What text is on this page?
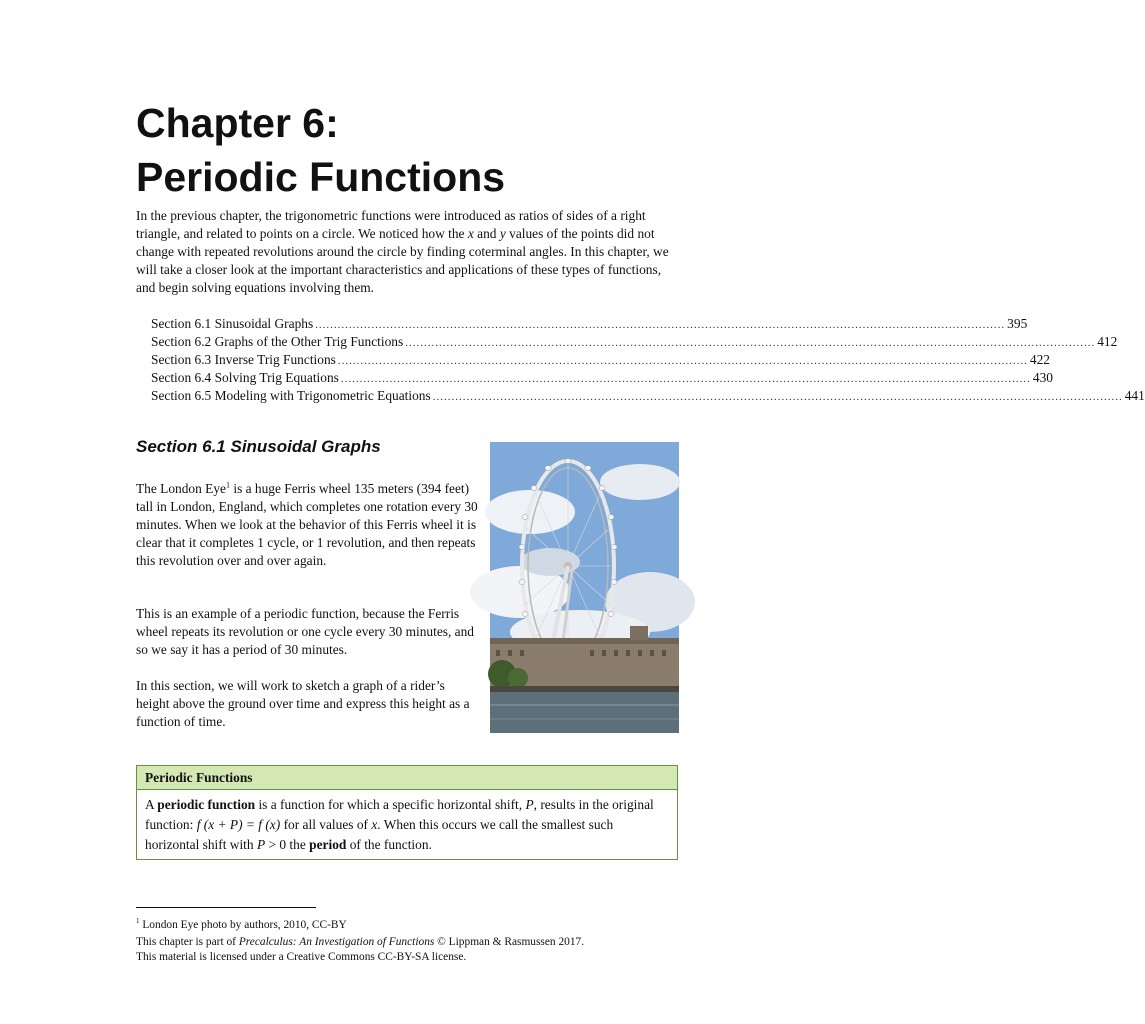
Chapter 6:
Periodic Functions

In the previous chapter, the trigonometric functions were introduced as ratios of sides of a right triangle, and related to points on a circle. We noticed how the x and y values of the points did not change with repeated revolutions around the circle by finding coterminal angles. In this chapter, we will take a closer look at the important characteristics and applications of these types of functions, and begin solving equations involving them.

Section 6.1 Sinusoidal Graphs ........................................................................................................................................................................................ 395
Section 6.2 Graphs of the Other Trig Functions ........................................................................................................................................................................................ 412
Section 6.3 Inverse Trig Functions ........................................................................................................................................................................................ 422
Section 6.4 Solving Trig Equations ........................................................................................................................................................................................ 430
Section 6.5 Modeling with Trigonometric Equations ........................................................................................................................................................................................ 441
Section 6.1 Sinusoidal Graphs

The London Eye$^1$ is a huge Ferris wheel 135 meters (394 feet) tall in London, England, which completes one rotation every 30 minutes. When we look at the behavior of this Ferris wheel it is clear that it completes 1 cycle, or 1 revolution, and then repeats this revolution over and over again.

This is an example of a periodic function, because the Ferris wheel repeats its revolution or one cycle every 30 minutes, and so we say it has a period of 30 minutes.

In this section, we will work to sketch a graph of a rider’s height above the ground over time and express this height as a function of time.

Periodic Functions
A periodic function is a function for which a specific horizontal shift, P, results in the original function: f (x + P) = f (x) for all values of x. When this occurs we call the smallest such horizontal shift with P > 0 the period of the function.

$^1$ London Eye photo by authors, 2010, CC-BY

This chapter is part of Precalculus: An Investigation of Functions © Lippman & Rasmussen 2017.

This material is licensed under a Creative Commons CC-BY-SA license.
